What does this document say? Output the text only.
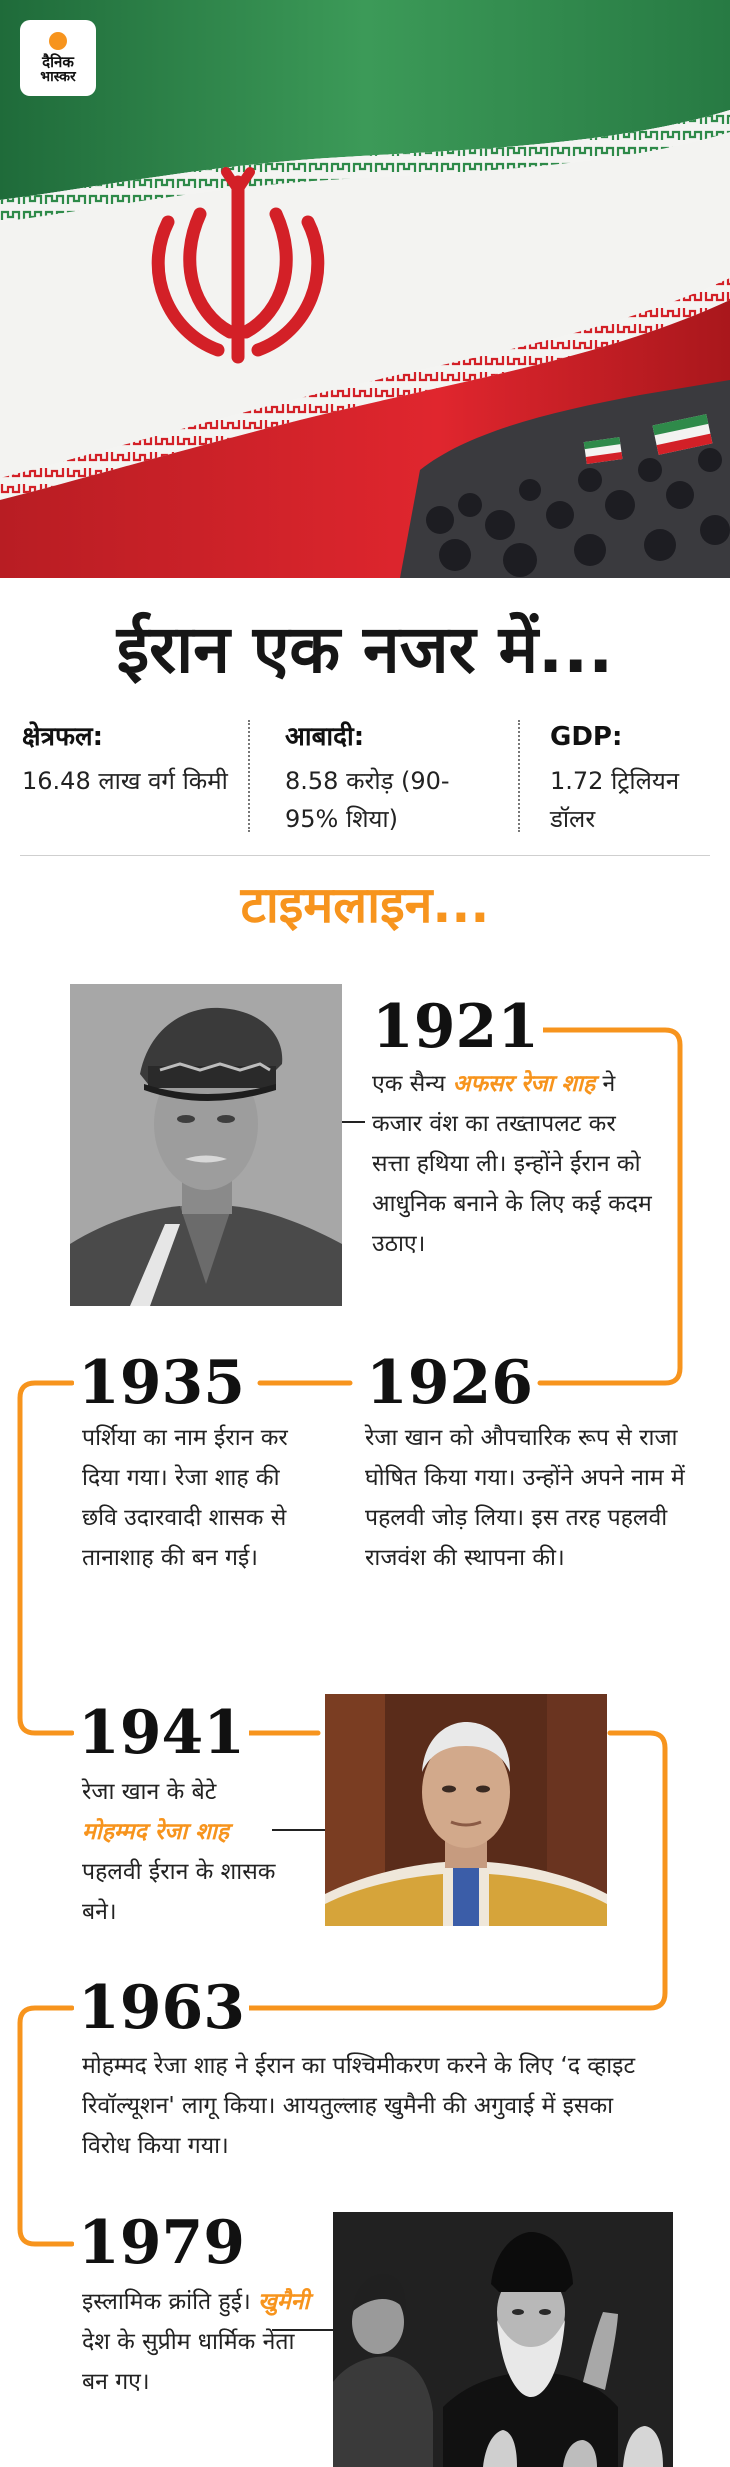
दैनिक
भास्कर
ईरान एक नजर में...
क्षेत्रफल:
16.48 लाख वर्ग किमी
आबादी:
8.58 करोड़ (90-95% शिया)
GDP:
1.72 ट्रिलियन डॉलर
टाइमलाइन...
1921
एक सैन्य अफसर रेजा शाह ने कजार वंश का तख्तापलट कर सत्ता हथिया ली। इन्होंने ईरान को आधुनिक बनाने के लिए कई कदम उठाए।
1926
रेजा खान को औपचारिक रूप से राजा घोषित किया गया। उन्होंने अपने नाम में पहलवी जोड़ लिया। इस तरह पहलवी राजवंश की स्थापना की।
1935
पर्शिया का नाम ईरान कर दिया गया। रेजा शाह की छवि उदारवादी शासक से तानाशाह की बन गई।
1941
रेजा खान के बेटे मोहम्मद रेजा शाह पहलवी ईरान के शासक बने।
1963
मोहम्मद रेजा शाह ने ईरान का पश्चिमीकरण करने के लिए ‘द व्हाइट रिवॉल्यूशन' लागू किया। आयतुल्लाह खुमैनी की अगुवाई में इसका विरोध किया गया।
1979
इस्लामिक क्रांति हुई। खुमैनी देश के सुप्रीम धार्मिक नेता बन गए।
